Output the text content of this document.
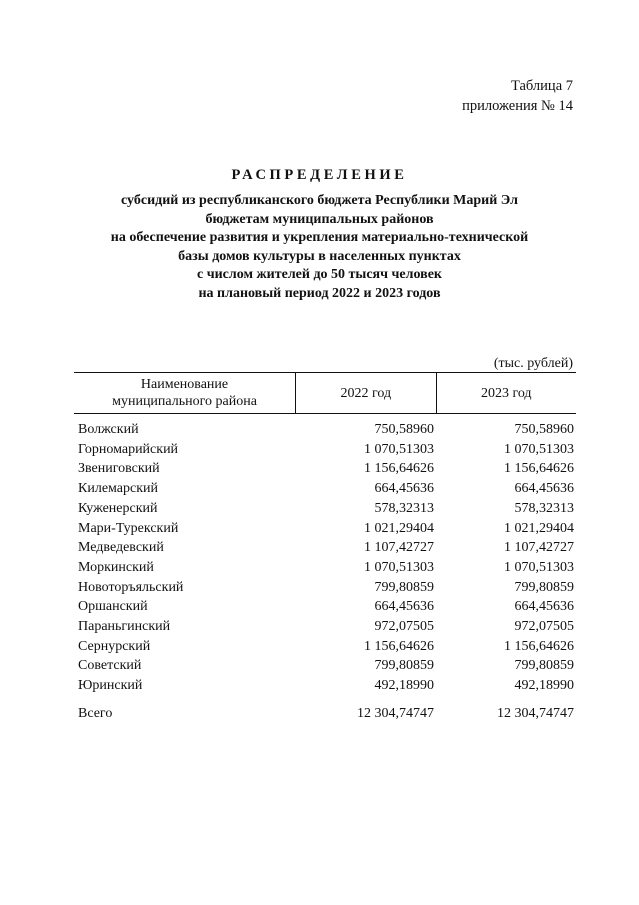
Таблица 7
приложения № 14
РАСПРЕДЕЛЕНИЕ
субсидий из республиканского бюджета Республики Марий Эл
бюджетам муниципальных районов
на обеспечение развития и укрепления материально-технической
базы домов культуры в населенных пунктах
с числом жителей до 50 тысяч человек
на плановый период 2022 и 2023 годов
(тыс. рублей)
Наименование
муниципального района	2022 год	2023 год

Волжский	750,58960	750,58960
Горномарийский	1 070,51303	1 070,51303
Звениговский	1 156,64626	1 156,64626
Килемарский	664,45636	664,45636
Куженерский	578,32313	578,32313
Мари-Турекский	1 021,29404	1 021,29404
Медведевский	1 107,42727	1 107,42727
Моркинский	1 070,51303	1 070,51303
Новоторъяльский	799,80859	799,80859
Оршанский	664,45636	664,45636
Параньгинский	972,07505	972,07505
Сернурский	1 156,64626	1 156,64626
Советский	799,80859	799,80859
Юринский	492,18990	492,18990
Всего	12 304,74747	12 304,74747
